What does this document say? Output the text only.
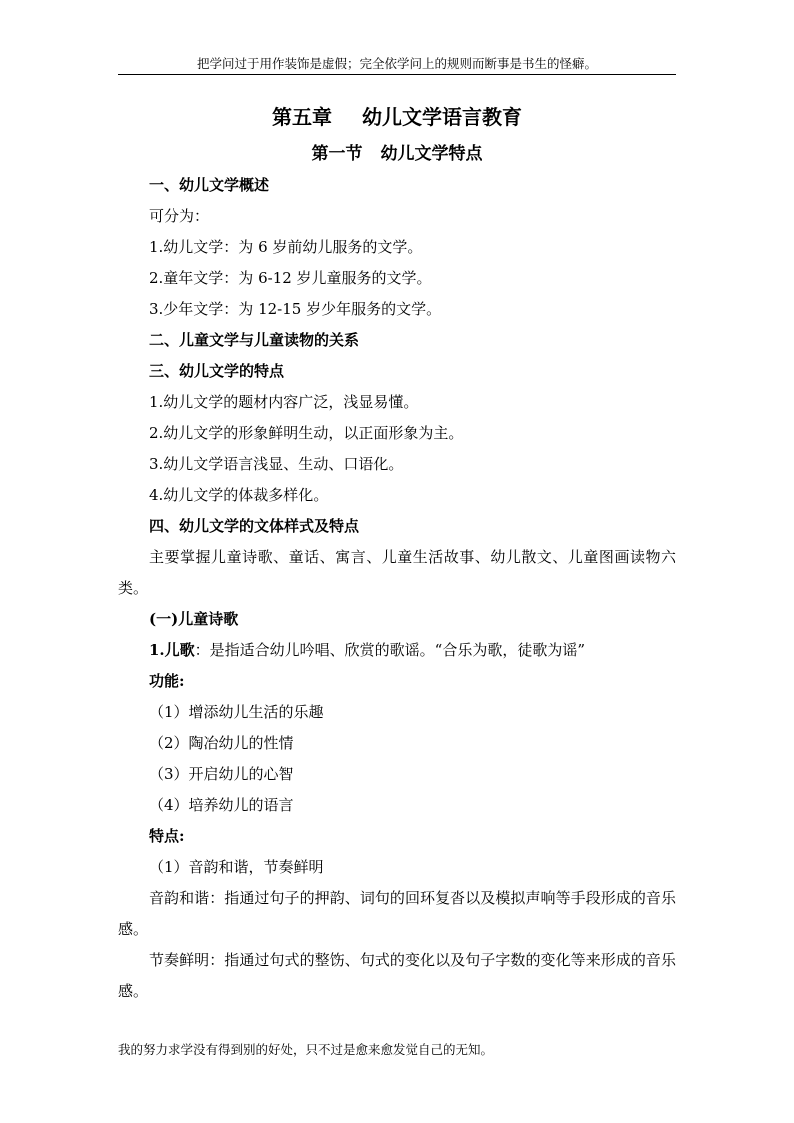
把学问过于用作装饰是虚假；完全依学问上的规则而断事是书生的怪癖。
第五章 幼儿文学语言教育
第一节 幼儿文学特点

一、幼儿文学概述

可分为：

1.幼儿文学：为 6 岁前幼儿服务的文学。

2.童年文学：为 6-12 岁儿童服务的文学。

3.少年文学：为 12-15 岁少年服务的文学。

二、儿童文学与儿童读物的关系

三、幼儿文学的特点

1.幼儿文学的题材内容广泛，浅显易懂。

2.幼儿文学的形象鲜明生动，以正面形象为主。

3.幼儿文学语言浅显、生动、口语化。

4.幼儿文学的体裁多样化。

四、幼儿文学的文体样式及特点

主要掌握儿童诗歌、童话、寓言、儿童生活故事、幼儿散文、儿童图画读物六类。

(一)儿童诗歌

1.儿歌：是指适合幼儿吟唱、欣赏的歌谣。“合乐为歌，徒歌为谣”

功能:

（1）增添幼儿生活的乐趣

（2）陶冶幼儿的性情

（3）开启幼儿的心智

（4）培养幼儿的语言

特点:

（1）音韵和谐，节奏鲜明

音韵和谐：指通过句子的押韵、词句的回环复沓以及模拟声响等手段形成的音乐感。

节奏鲜明：指通过句式的整饬、句式的变化以及句子字数的变化等来形成的音乐感。

我的努力求学没有得到别的好处，只不过是愈来愈发觉自己的无知。
